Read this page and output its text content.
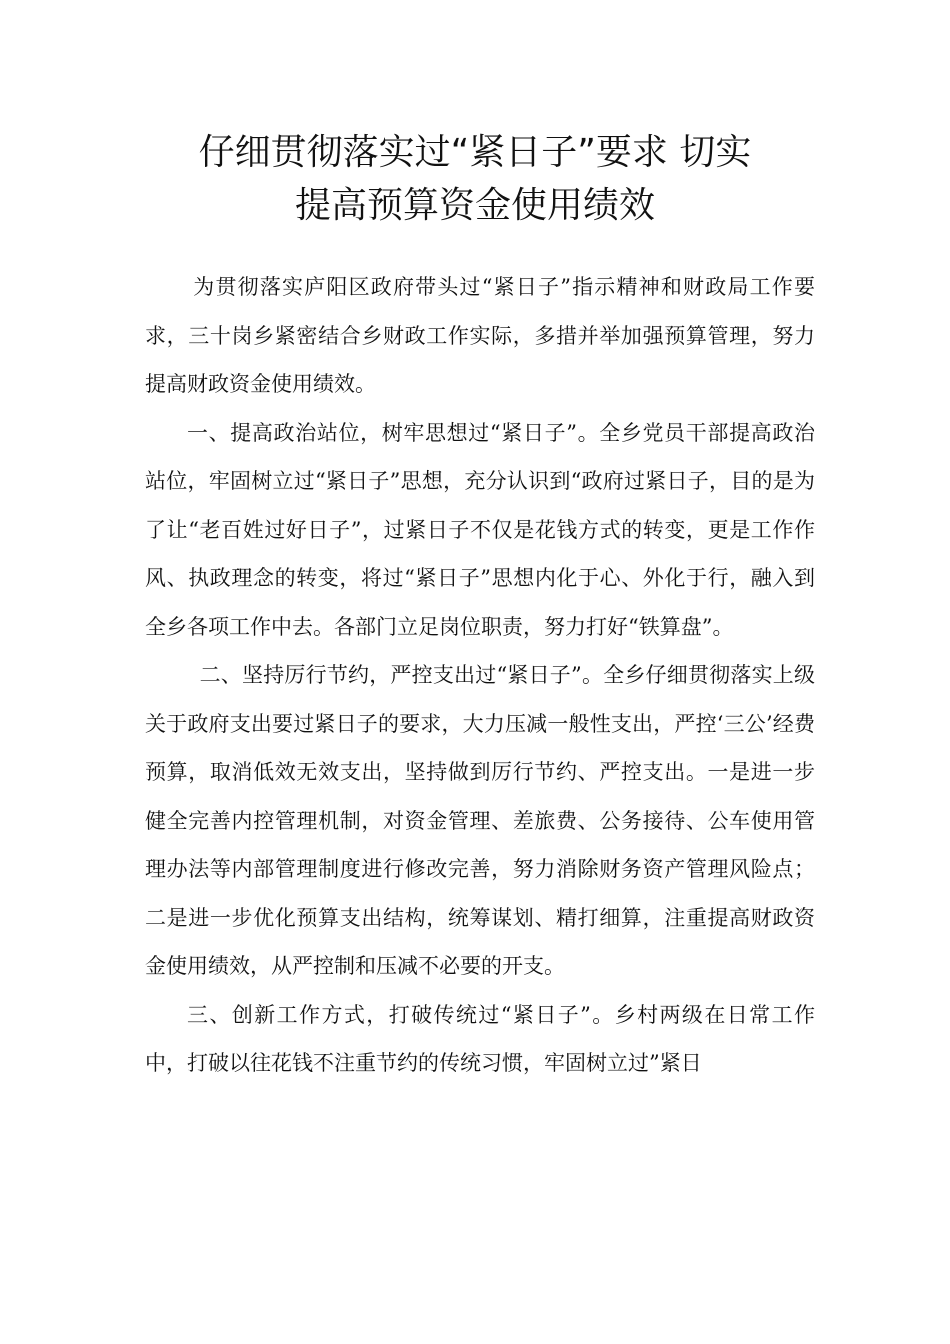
仔细贯彻落实过“紧日子”要求 切实
提高预算资金使用绩效

为贯彻落实庐阳区政府带头过“紧日子”指示精神和财政局工作要求，三十岗乡紧密结合乡财政工作实际，多措并举加强预算管理，努力提高财政资金使用绩效。

一、提高政治站位，树牢思想过“紧日子”。全乡党员干部提高政治站位，牢固树立过“紧日子”思想，充分认识到“政府过紧日子，目的是为了让“老百姓过好日子”，过紧日子不仅是花钱方式的转变，更是工作作风、执政理念的转变，将过“紧日子”思想内化于心、外化于行，融入到全乡各项工作中去。各部门立足岗位职责，努力打好“铁算盘”。

二、坚持厉行节约，严控支出过“紧日子”。全乡仔细贯彻落实上级关于政府支出要过紧日子的要求，大力压减一般性支出，严控‘三公’经费预算，取消低效无效支出，坚持做到厉行节约、严控支出。一是进一步健全完善内控管理机制，对资金管理、差旅费、公务接待、公车使用管理办法等内部管理制度进行修改完善，努力消除财务资产管理风险点；二是进一步优化预算支出结构，统筹谋划、精打细算，注重提高财政资金使用绩效，从严控制和压减不必要的开支。

三、创新工作方式，打破传统过“紧日子”。乡村两级在日常工作中，打破以往花钱不注重节约的传统习惯，牢固树立过”紧日
